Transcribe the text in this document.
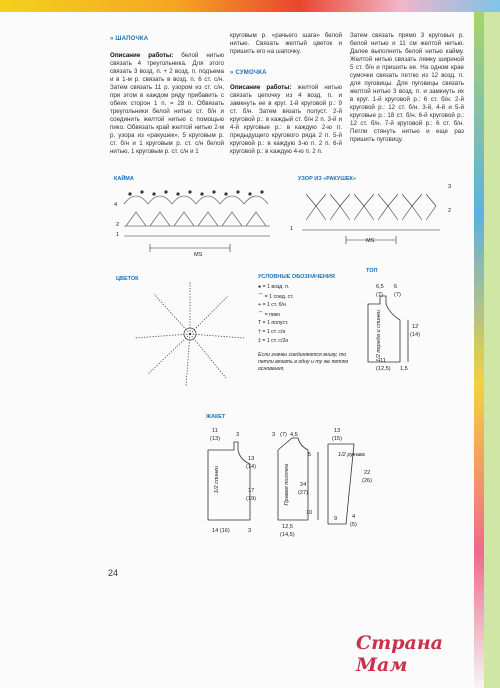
» ШАПОЧКА
Описание работы: белой нитью связать 4 треугольника. Для этого связать 3 возд. п. + 2 возд. п. подъема и в 1-м р. связать в возд. п. 6 ст. с/н. Затем связать 11 р. узором из ст. с/н, при этом в каждом ряду прибавить с обеих сторон 1 п. = 28 п. Обвязать треугольники белой нитью ст. б/н и соединить желтой нитью с помощью пико. Обвязать край желтой нитью 2-м р. узора из «ракушек», 5 круговым р. ст. б/н и 1 круговым р. ст. с/н белой нитью, 1 круговым р. ст. с/н и 1
круговым р. «рачьего шага» белой нитью. Связать желтый цветок и пришить его на шапочку.
» СУМОЧКА
Описание работы: желтой нитью связать цепочку из 4 возд. п. и замкнуть ее в круг. 1-й круговой р.: 9 ст. б/н. Затем вязать полуст. 2-й круговой р.: в каждый ст. б/н 2 п. 3-й и 4-й круговые р.: в каждую 2-ю п. предыдущего кругового ряда 2 п. 5-й круговой р.: в каждую 3-ю п. 2 п. 6-й круговой р.: в каждую 4-ю п. 2 п.
Затем связать прямо 3 круговых р. белой нитью и 11 см желтой нитью. Далее выполнить белой нитью кайму. Желтой нитью связать лямку шириной 5 ст. б/н и пришить ее. На одном крае сумочки связать петлю из 12 возд. п. для пуговицы. Для пуговицы связать желтой нитью 3 возд. п. и замкнуть их в круг. 1-й круговой р.: 6 ст. б/н. 2-й круговой р.: 12 ст. б/н. 3-й, 4-й и 5-й круговые р.: 18 ст. б/н. 6-й круговой р.: 12 ст. б/н. 7-й круговой р.: 6 ст. б/н. Петли стянуть нитью и еще раз пришить пуговицу.
КАЙМА
4
2
1
MS
УЗОР ИЗ «РАКУШЕК»
3
2
1
MS
ЦВЕТОК	УСЛОВНЫЕ ОБОЗНАЧЕНИЯ
● = 1 возд. п.
⌒ = 1 соед. ст.
+ = 1 ст. б/н
⌒ = пико
T = 1 полуст.
† = 1 ст. с/н
‡ = 1 ст. с/2н
Если значки соединяются внизу, то петли вязать в одну и ту же петлю основания.
ТОП
6,5
(7)
6
(7)
1/2 переда и спинки	12
(14)
11
(12,5) 1,5
ЖАКЕТ
11
(13)
3
1/2 спинки
13
(14)
17
(19)
14 (16)	3
3 (7) 4,5
Правая полочка 24
(27)
12,5
(14,5)
5
10
13
(15)
1/2 рукава
22
(26)
9	4
(5)
24
Страна Мам
